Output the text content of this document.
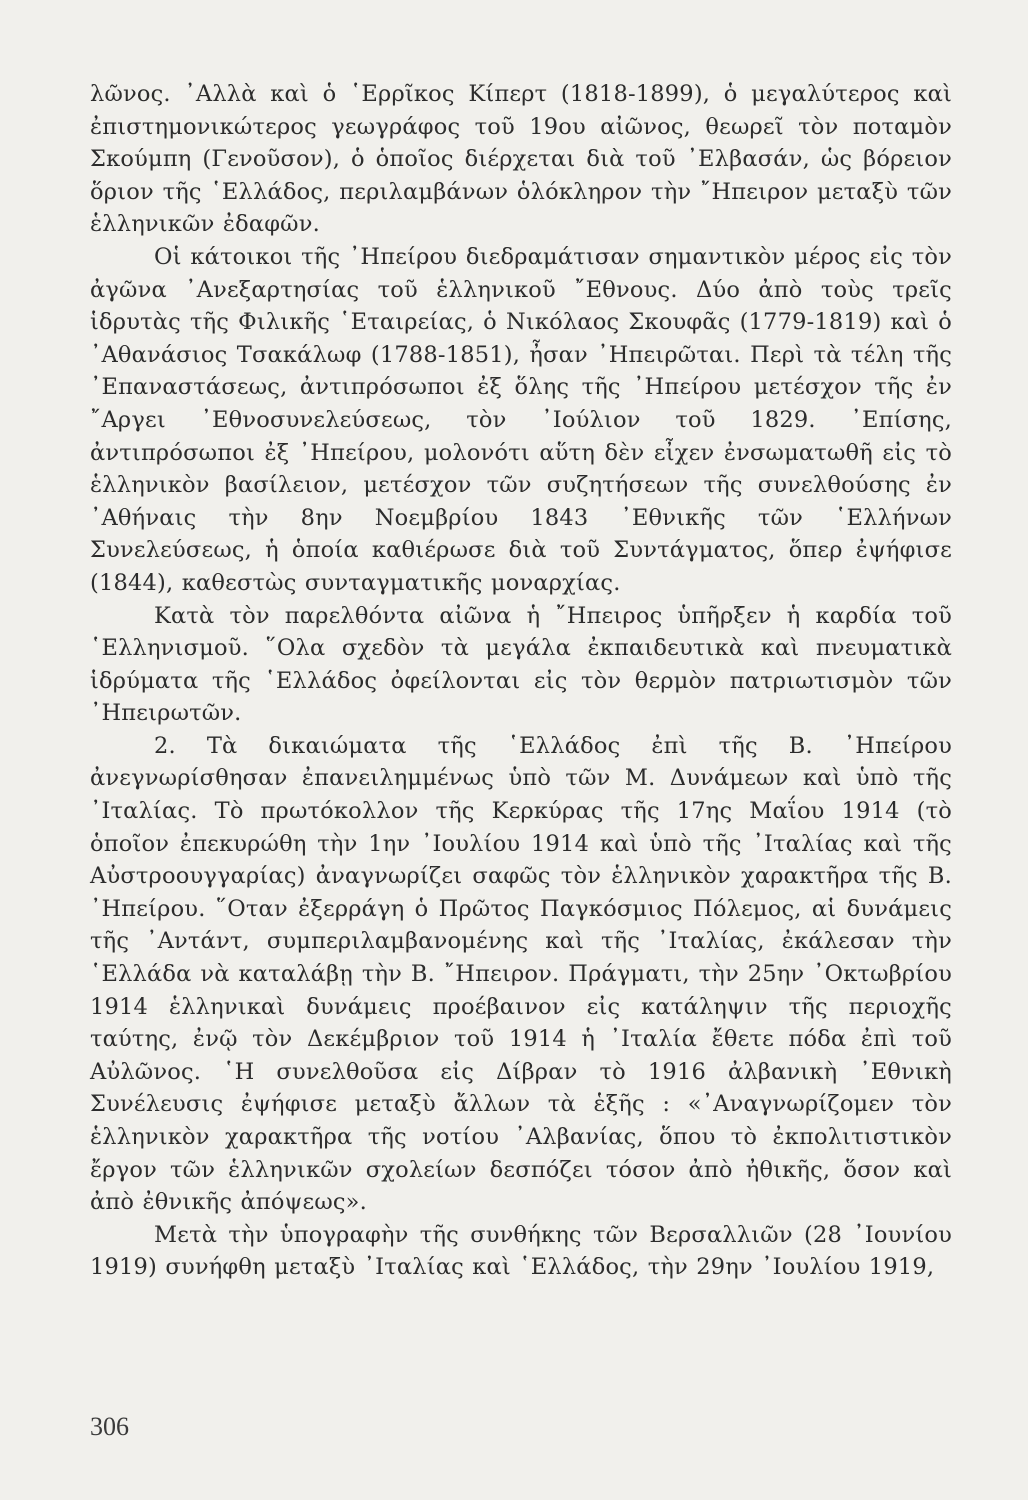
λῶνος. ᾿Αλλὰ καὶ ὁ ῾Ερρῖκος Κίπερτ (1818-1899), ὁ μεγαλύτερος καὶ ἐπιστημονικώτερος γεωγράφος τοῦ 19ου αἰῶνος, θεωρεῖ τὸν ποταμὸν Σκούμπη (Γενοῦσον), ὁ ὁποῖος διέρχεται διὰ τοῦ ᾿Ελβασάν, ὡς βόρειον ὅριον τῆς ῾Ελλάδος, περιλαμβάνων ὁλόκληρον τὴν ῎Ηπειρον μεταξὺ τῶν ἑλληνικῶν ἐδαφῶν.

Οἱ κάτοικοι τῆς ᾿Ηπείρου διεδραμάτισαν σημαντικὸν μέρος εἰς τὸν ἀγῶνα ᾿Ανεξαρτησίας τοῦ ἑλληνικοῦ ῎Εθνους. Δύο ἀπὸ τοὺς τρεῖς ἱδρυτὰς τῆς Φιλικῆς ῾Εταιρείας, ὁ Νικόλαος Σκουφᾶς (1779-1819) καὶ ὁ ᾿Αθανάσιος Τσακάλωφ (1788-1851), ἦσαν ᾿Ηπειρῶται. Περὶ τὰ τέλη τῆς ᾿Επαναστάσεως, ἀντιπρόσωποι ἐξ ὅλης τῆς ᾿Ηπείρου μετέσχον τῆς ἐν ῎Αργει ᾿Εθνοσυνελεύσεως, τὸν ᾿Ιούλιον τοῦ 1829. ᾿Επίσης, ἀντιπρόσωποι ἐξ ᾿Ηπείρου, μολονότι αὕτη δὲν εἶχεν ἐνσωματωθῆ εἰς τὸ ἑλληνικὸν βασίλειον, μετέσχον τῶν συζητήσεων τῆς συνελθούσης ἐν ᾿Αθήναις τὴν 8ην Νοεμβρίου 1843 ᾿Εθνικῆς τῶν ῾Ελλήνων Συνελεύσεως, ἡ ὁποία καθιέρωσε διὰ τοῦ Συντάγματος, ὅπερ ἐψήφισε (1844), καθεστὼς συνταγματικῆς μοναρχίας.

Κατὰ τὸν παρελθόντα αἰῶνα ἡ ῎Ηπειρος ὑπῆρξεν ἡ καρδία τοῦ ῾Ελληνισμοῦ. ῞Ολα σχεδὸν τὰ μεγάλα ἐκπαιδευτικὰ καὶ πνευματικὰ ἱδρύματα τῆς ῾Ελλάδος ὀφείλονται εἰς τὸν θερμὸν πατριωτισμὸν τῶν ᾿Ηπειρωτῶν.

2. Τὰ δικαιώματα τῆς ῾Ελλάδος ἐπὶ τῆς Β. ᾿Ηπείρου ἀνεγνωρίσθησαν ἐπανειλημμένως ὑπὸ τῶν Μ. Δυνάμεων καὶ ὑπὸ τῆς ᾿Ιταλίας. Τὸ πρωτόκολλον τῆς Κερκύρας τῆς 17ης Μαΐου 1914 (τὸ ὁποῖον ἐπεκυρώθη τὴν 1ην ᾿Ιουλίου 1914 καὶ ὑπὸ τῆς ᾿Ιταλίας καὶ τῆς Αὐστροουγγαρίας) ἀναγνωρίζει σαφῶς τὸν ἑλληνικὸν χαρακτῆρα τῆς Β. ᾿Ηπείρου. ῞Οταν ἐξερράγη ὁ Πρῶτος Παγκόσμιος Πόλεμος, αἱ δυνάμεις τῆς ᾿Αντάντ, συμπεριλαμβανομένης καὶ τῆς ᾿Ιταλίας, ἐκάλεσαν τὴν ῾Ελλάδα νὰ καταλάβῃ τὴν Β. ῎Ηπειρον. Πράγματι, τὴν 25ην ᾿Οκτωβρίου 1914 ἑλληνικαὶ δυνάμεις προέβαινον εἰς κατάληψιν τῆς περιοχῆς ταύτης, ἐνῷ τὸν Δεκέμβριον τοῦ 1914 ἡ ᾿Ιταλία ἔθετε πόδα ἐπὶ τοῦ Αὐλῶνος. ῾Η συνελθοῦσα εἰς Δίβραν τὸ 1916 ἀλβανικὴ ᾿Εθνικὴ Συνέλευσις ἐψήφισε μεταξὺ ἄλλων τὰ ἑξῆς : «᾿Αναγνωρίζομεν τὸν ἑλληνικὸν χαρακτῆρα τῆς νοτίου ᾿Αλβανίας, ὅπου τὸ ἐκπολιτιστικὸν ἔργον τῶν ἑλληνικῶν σχολείων δεσπόζει τόσον ἀπὸ ἠθικῆς, ὅσον καὶ ἀπὸ ἐθνικῆς ἀπόψεως».

Μετὰ τὴν ὑπογραφὴν τῆς συνθήκης τῶν Βερσαλλιῶν (28 ᾿Ιουνίου 1919) συνήφθη μεταξὺ ᾿Ιταλίας καὶ ῾Ελλάδος, τὴν 29ην ᾿Ιουλίου 1919,

306
